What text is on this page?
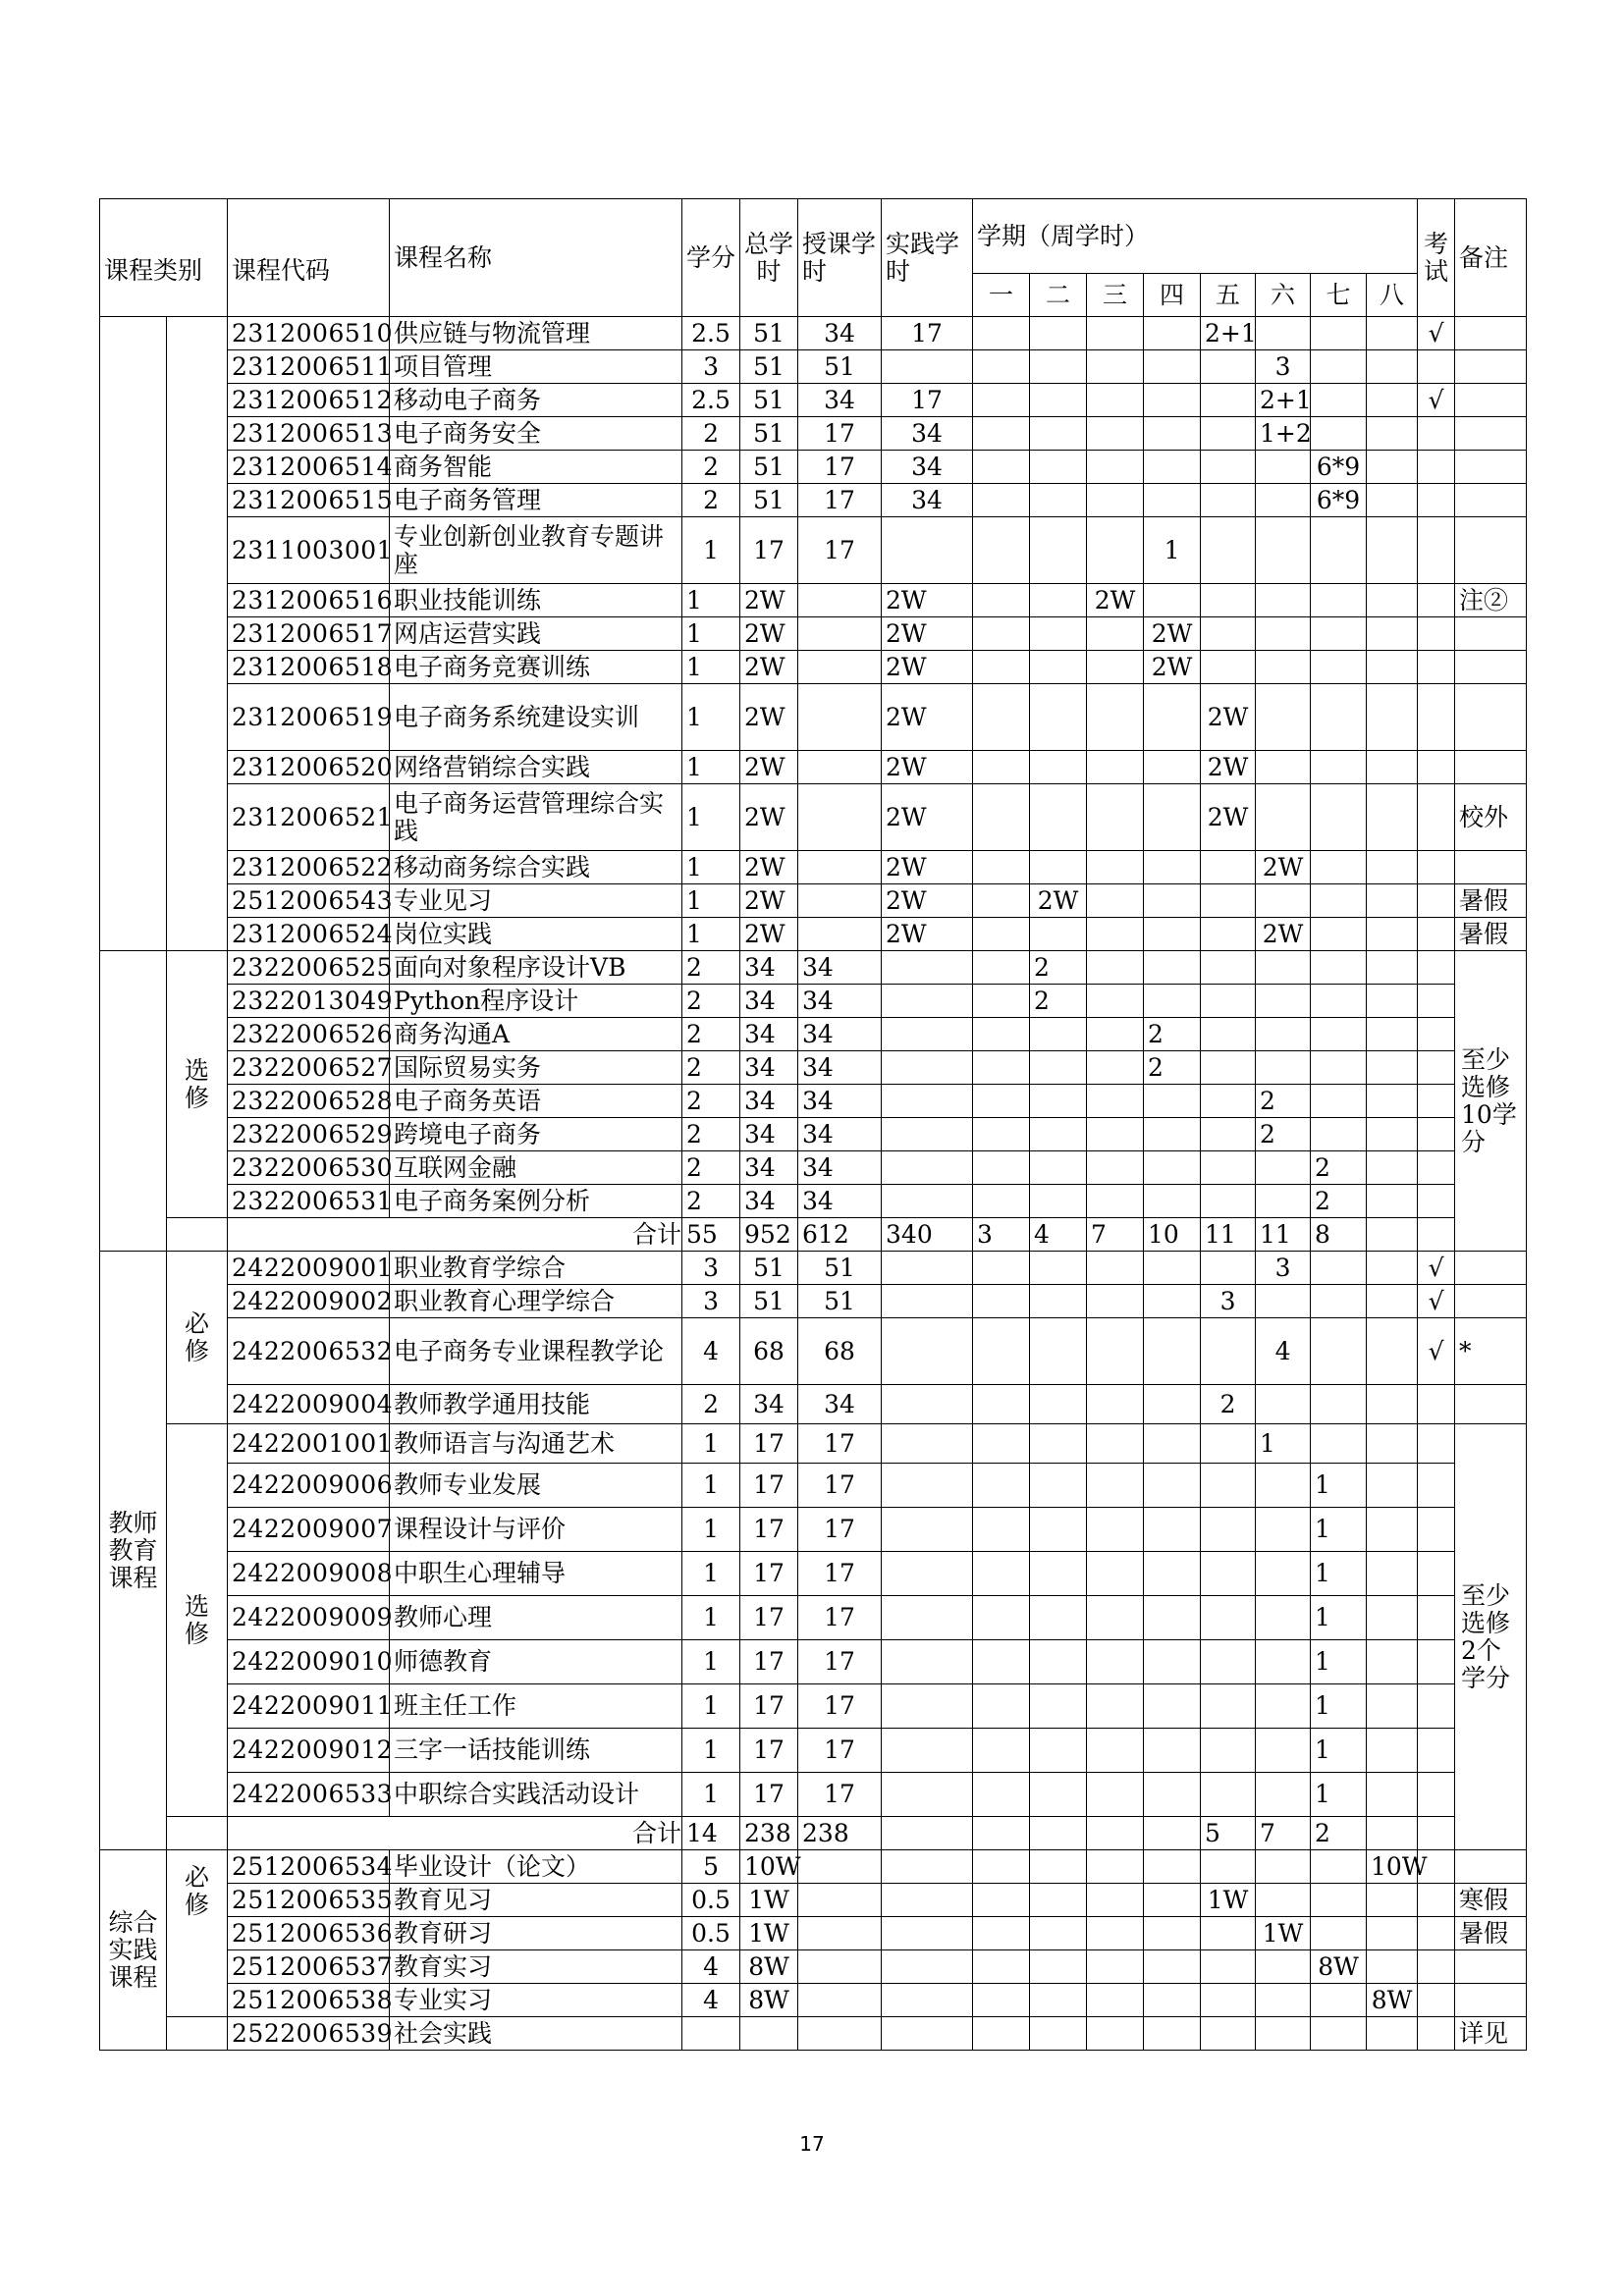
课程类别		课程代码	课程名称	学分	总学时	授课学时	实践学时	学期（周学时）								考试	备注
								一	二	三	四	五	六	七	八		
		2312006510	供应链与物流管理	2.5	51	34	17					2+1				√	
		2312006511	项目管理	3	51	51							3				
		2312006512	移动电子商务	2.5	51	34	17						2+1			√	
		2312006513	电子商务安全	2	51	17	34						1+2				
		2312006514	商务智能	2	51	17	34							6*9			
		2312006515	电子商务管理	2	51	17	34							6*9			
		2311003001	专业创新创业教育专题讲座	1	17	17					1						
		2312006516	职业技能训练	1	2W		2W			2W							注②
		2312006517	网店运营实践	1	2W		2W				2W						
		2312006518	电子商务竞赛训练	1	2W		2W				2W						
		2312006519	电子商务系统建设实训	1	2W		2W					2W					
		2312006520	网络营销综合实践	1	2W		2W					2W					
		2312006521	电子商务运营管理综合实践	1	2W		2W					2W					校外
		2312006522	移动商务综合实践	1	2W		2W						2W				
		2512006543	专业见习	1	2W		2W		2W								暑假
		2312006524	岗位实践	1	2W		2W						2W				暑假
	选修	2322006525	面向对象程序设计VB	2	34	34			2								至少选修10学分
		2322013049	Python程序设计	2	34	34			2								
		2322006526	商务沟通A	2	34	34					2						
		2322006527	国际贸易实务	2	34	34					2						
		2322006528	电子商务英语	2	34	34							2				
		2322006529	跨境电子商务	2	34	34							2				
		2322006530	互联网金融	2	34	34								2			
		2322006531	电子商务案例分析	2	34	34								2			
		合计		55	952	612	340	3	4	7	10	11	11	8			
教师教育课程	必修	2422009001	职业教育学综合	3	51	51							3			√	
		2422009002	职业教育心理学综合	3	51	51						3				√	
		2422006532	电子商务专业课程教学论	4	68	68							4			√	*
		2422009004	教师教学通用技能	2	34	34						2					
	选修	2422001001	教师语言与沟通艺术	1	17	17							1				至少选修2个学分
		2422009006	教师专业发展	1	17	17								1			
		2422009007	课程设计与评价	1	17	17								1			
		2422009008	中职生心理辅导	1	17	17								1			
		2422009009	教师心理	1	17	17								1			
		2422009010	师德教育	1	17	17								1			
		2422009011	班主任工作	1	17	17								1			
		2422009012	三字一话技能训练	1	17	17								1			
		2422006533	中职综合实践活动设计	1	17	17								1			
		合计		14	238	238						5	7	2			
综合实践课程	必修	2512006534	毕业设计（论文）	5	10W										10W		
		2512006535	教育见习	0.5	1W							1W					寒假
		2512006536	教育研习	0.5	1W								1W				暑假
		2512006537	教育实习	4	8W									8W			
		2512006538	专业实习	4	8W										8W		
		2522006539	社会实践														详见
17
